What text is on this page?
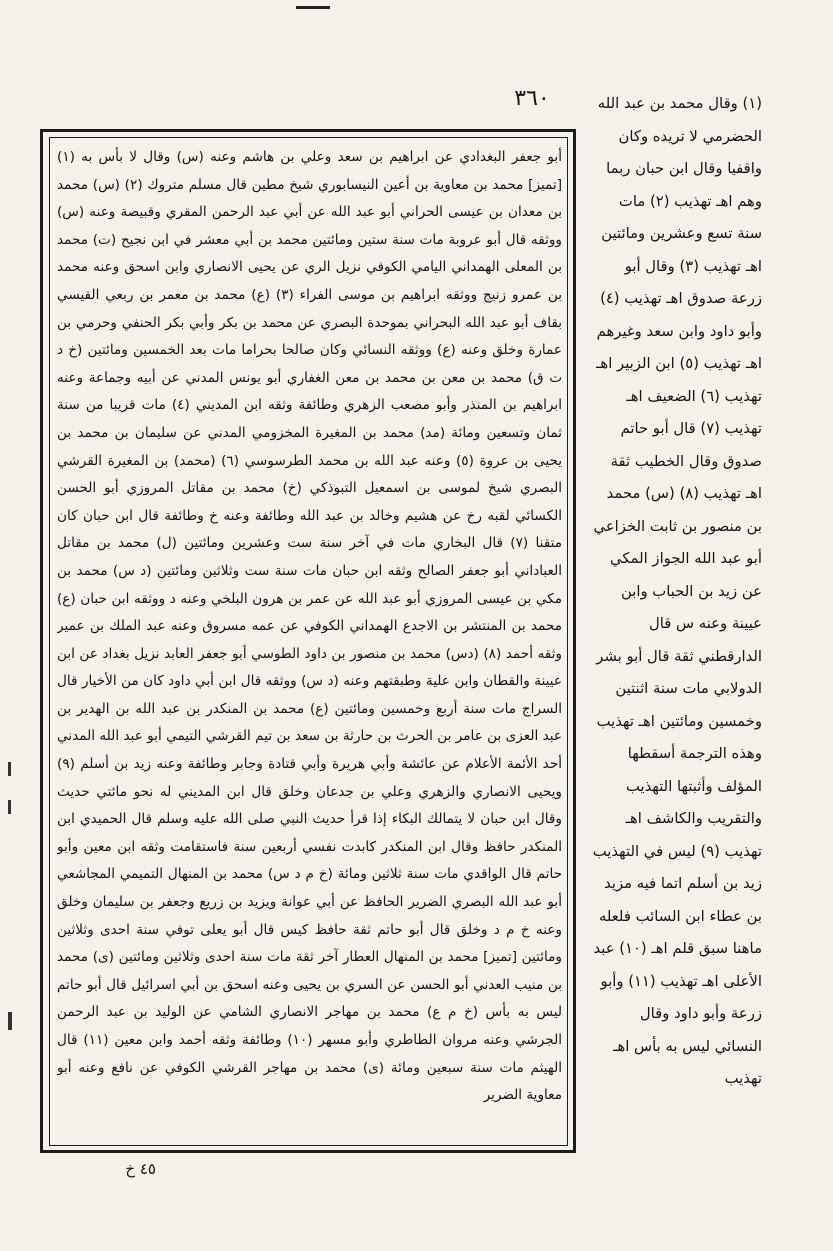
٣٦٠

أبو جعفر البغدادي عن ابراهيم بن سعد وعلي بن هاشم وعنه (س) وقال لا بأس به (١) [تميز] محمد بن معاوية بن أعين النيسابوري شيخ مطين قال مسلم متروك (٢) (س) محمد بن معدان بن عيسى الحراني أبو عبد الله عن أبي عبد الرحمن المقري وقبيصة وعنه (س) ووثقه قال أبو عروبة مات سنة ستين ومائتين محمد بن أبي معشر في ابن نجيح (ت) محمد بن المعلى الهمداني اليامي الكوفي نزيل الري عن يحيى الانصاري وابن اسحق وعنه محمد بن عمرو زنيج ووثقه ابراهيم بن موسى الفراء (٣) (ع) محمد بن معمر بن ربعي القيسي بقاف أبو عبد الله البحراني بموحدة البصري عن محمد بن بكر وأبي بكر الحنفي وحرمي بن عمارة وخلق وعنه (ع) ووثقه النسائي وكان صالحا بحراما مات بعد الخمسين ومائتين (خ د ت ق) محمد بن معن بن محمد بن معن الغفاري أبو يونس المدني عن أبيه وجماعة وعنه ابراهيم بن المنذر وأبو مصعب الزهري وطائفة وثقه ابن المديني (٤) مات قريبا من سنة ثمان وتسعين ومائة (مد) محمد بن المغيرة المخزومي المدني عن سليمان بن محمد بن يحيى بن عروة (٥) وعنه عبد الله بن محمد الطرسوسي (٦) (محمد) بن المغيرة القرشي البصري شيخ لموسى بن اسمعيل التبوذكي (خ) محمد بن مقاتل المروزي أبو الحسن الكسائي لقبه رخ عن هشيم وخالد بن عبد الله وطائفة وعنه خ وطائفة قال ابن حبان كان متقنا (٧) قال البخاري مات في آخر سنة ست وعشرين ومائتين (ل) محمد بن مقاتل العباداني أبو جعفر الصالح وثقه ابن حبان مات سنة ست وثلاثين ومائتين (د س) محمد بن مكي بن عيسى المروزي أبو عبد الله عن عمر بن هرون البلخي وعنه د ووثقه ابن حبان (ع) محمد بن المنتشر بن الاجدع الهمداني الكوفي عن عمه مسروق وعنه عبد الملك بن عمير وثقه أحمد (٨) (دس) محمد بن منصور بن داود الطوسي أبو جعفر العابد نزيل بغداد عن ابن عيينة والقطان وابن علية وطبقتهم وعنه (د س) ووثقه قال ابن أبي داود كان من الأخيار قال السراج مات سنة أربع وخمسين ومائتين (ع) محمد بن المنكدر بن عبد الله بن الهدير بن عبد العزى بن عامر بن الحرث بن حارثة بن سعد بن تيم القرشي التيمي أبو عبد الله المدني أحد الأئمة الأعلام عن عائشة وأبي هريرة وأبي قتادة وجابر وطائفة وعنه زيد بن أسلم (٩) ويحيى الانصاري والزهري وعلي بن جدعان وخلق قال ابن المديني له نحو مائتي حديث وقال ابن حبان لا يتمالك البكاء إذا قرأ حديث النبي صلى الله عليه وسلم قال الحميدي ابن المنكدر حافظ وقال ابن المنكدر كابدت نفسي أربعين سنة فاستقامت وثقه ابن معين وأبو حاتم قال الواقدي مات سنة ثلاثين ومائة (خ م د س) محمد بن المنهال التميمي المجاشعي أبو عبد الله البصري الضرير الحافظ عن أبي عوانة ويزيد بن زريع وجعفر بن سليمان وخلق وعنه خ م د وخلق قال أبو حاتم ثقة حافظ كيس قال أبو يعلى توفي سنة احدى وثلاثين ومائتين [تميز] محمد بن المنهال العطار آخر ثقة مات سنة احدى وثلاثين ومائتين (ى) محمد بن منيب العدني أبو الحسن عن السري بن يحيى وعنه اسحق بن أبي اسرائيل قال أبو حاتم ليس به بأس (خ م ع) محمد بن مهاجر الانصاري الشامي عن الوليد بن عبد الرحمن الجرشي وعنه مروان الطاطري وأبو مسهر (١٠) وطائفة وثقه أحمد وابن معين (١١) قال الهيثم مات سنة سبعين ومائة (ى) محمد بن مهاجر القرشي الكوفي عن نافع وعنه أبو معاوية الضرير

(١) وقال محمد بن عبد الله الحضرمي لا تريده وكان واقفيا وقال ابن حبان ربما وهم اهـ تهذيب (٢) مات سنة تسع وعشرين ومائتين اهـ تهذيب (٣) وقال أبو زرعة صدوق اهـ تهذيب (٤) وأبو داود وابن سعد وغيرهم اهـ تهذيب (٥) ابن الزبير اهـ تهذيب (٦) الضعيف اهـ تهذيب (٧) قال أبو حاتم صدوق وقال الخطيب ثقة اهـ تهذيب (٨) (س) محمد بن منصور بن ثابت الخزاعي أبو عبد الله الجواز المكي عن زيد بن الحباب وابن عيينة وعنه س قال الدارقطني ثقة قال أبو بشر الدولابي مات سنة اثنتين وخمسين ومائتين اهـ تهذيب وهذه الترجمة أسقطها المؤلف وأثبتها التهذيب والتقريب والكاشف اهـ تهذيب (٩) ليس في التهذيب زيد بن أسلم اتما فيه مزيد بن عطاء ابن السائب فلعله ماهنا سبق قلم اهـ (١٠) عبد الأعلى اهـ تهذيب (١١) وأبو زرعة وأبو داود وقال النسائي ليس به بأس اهـ تهذيب

٤٥ خ
